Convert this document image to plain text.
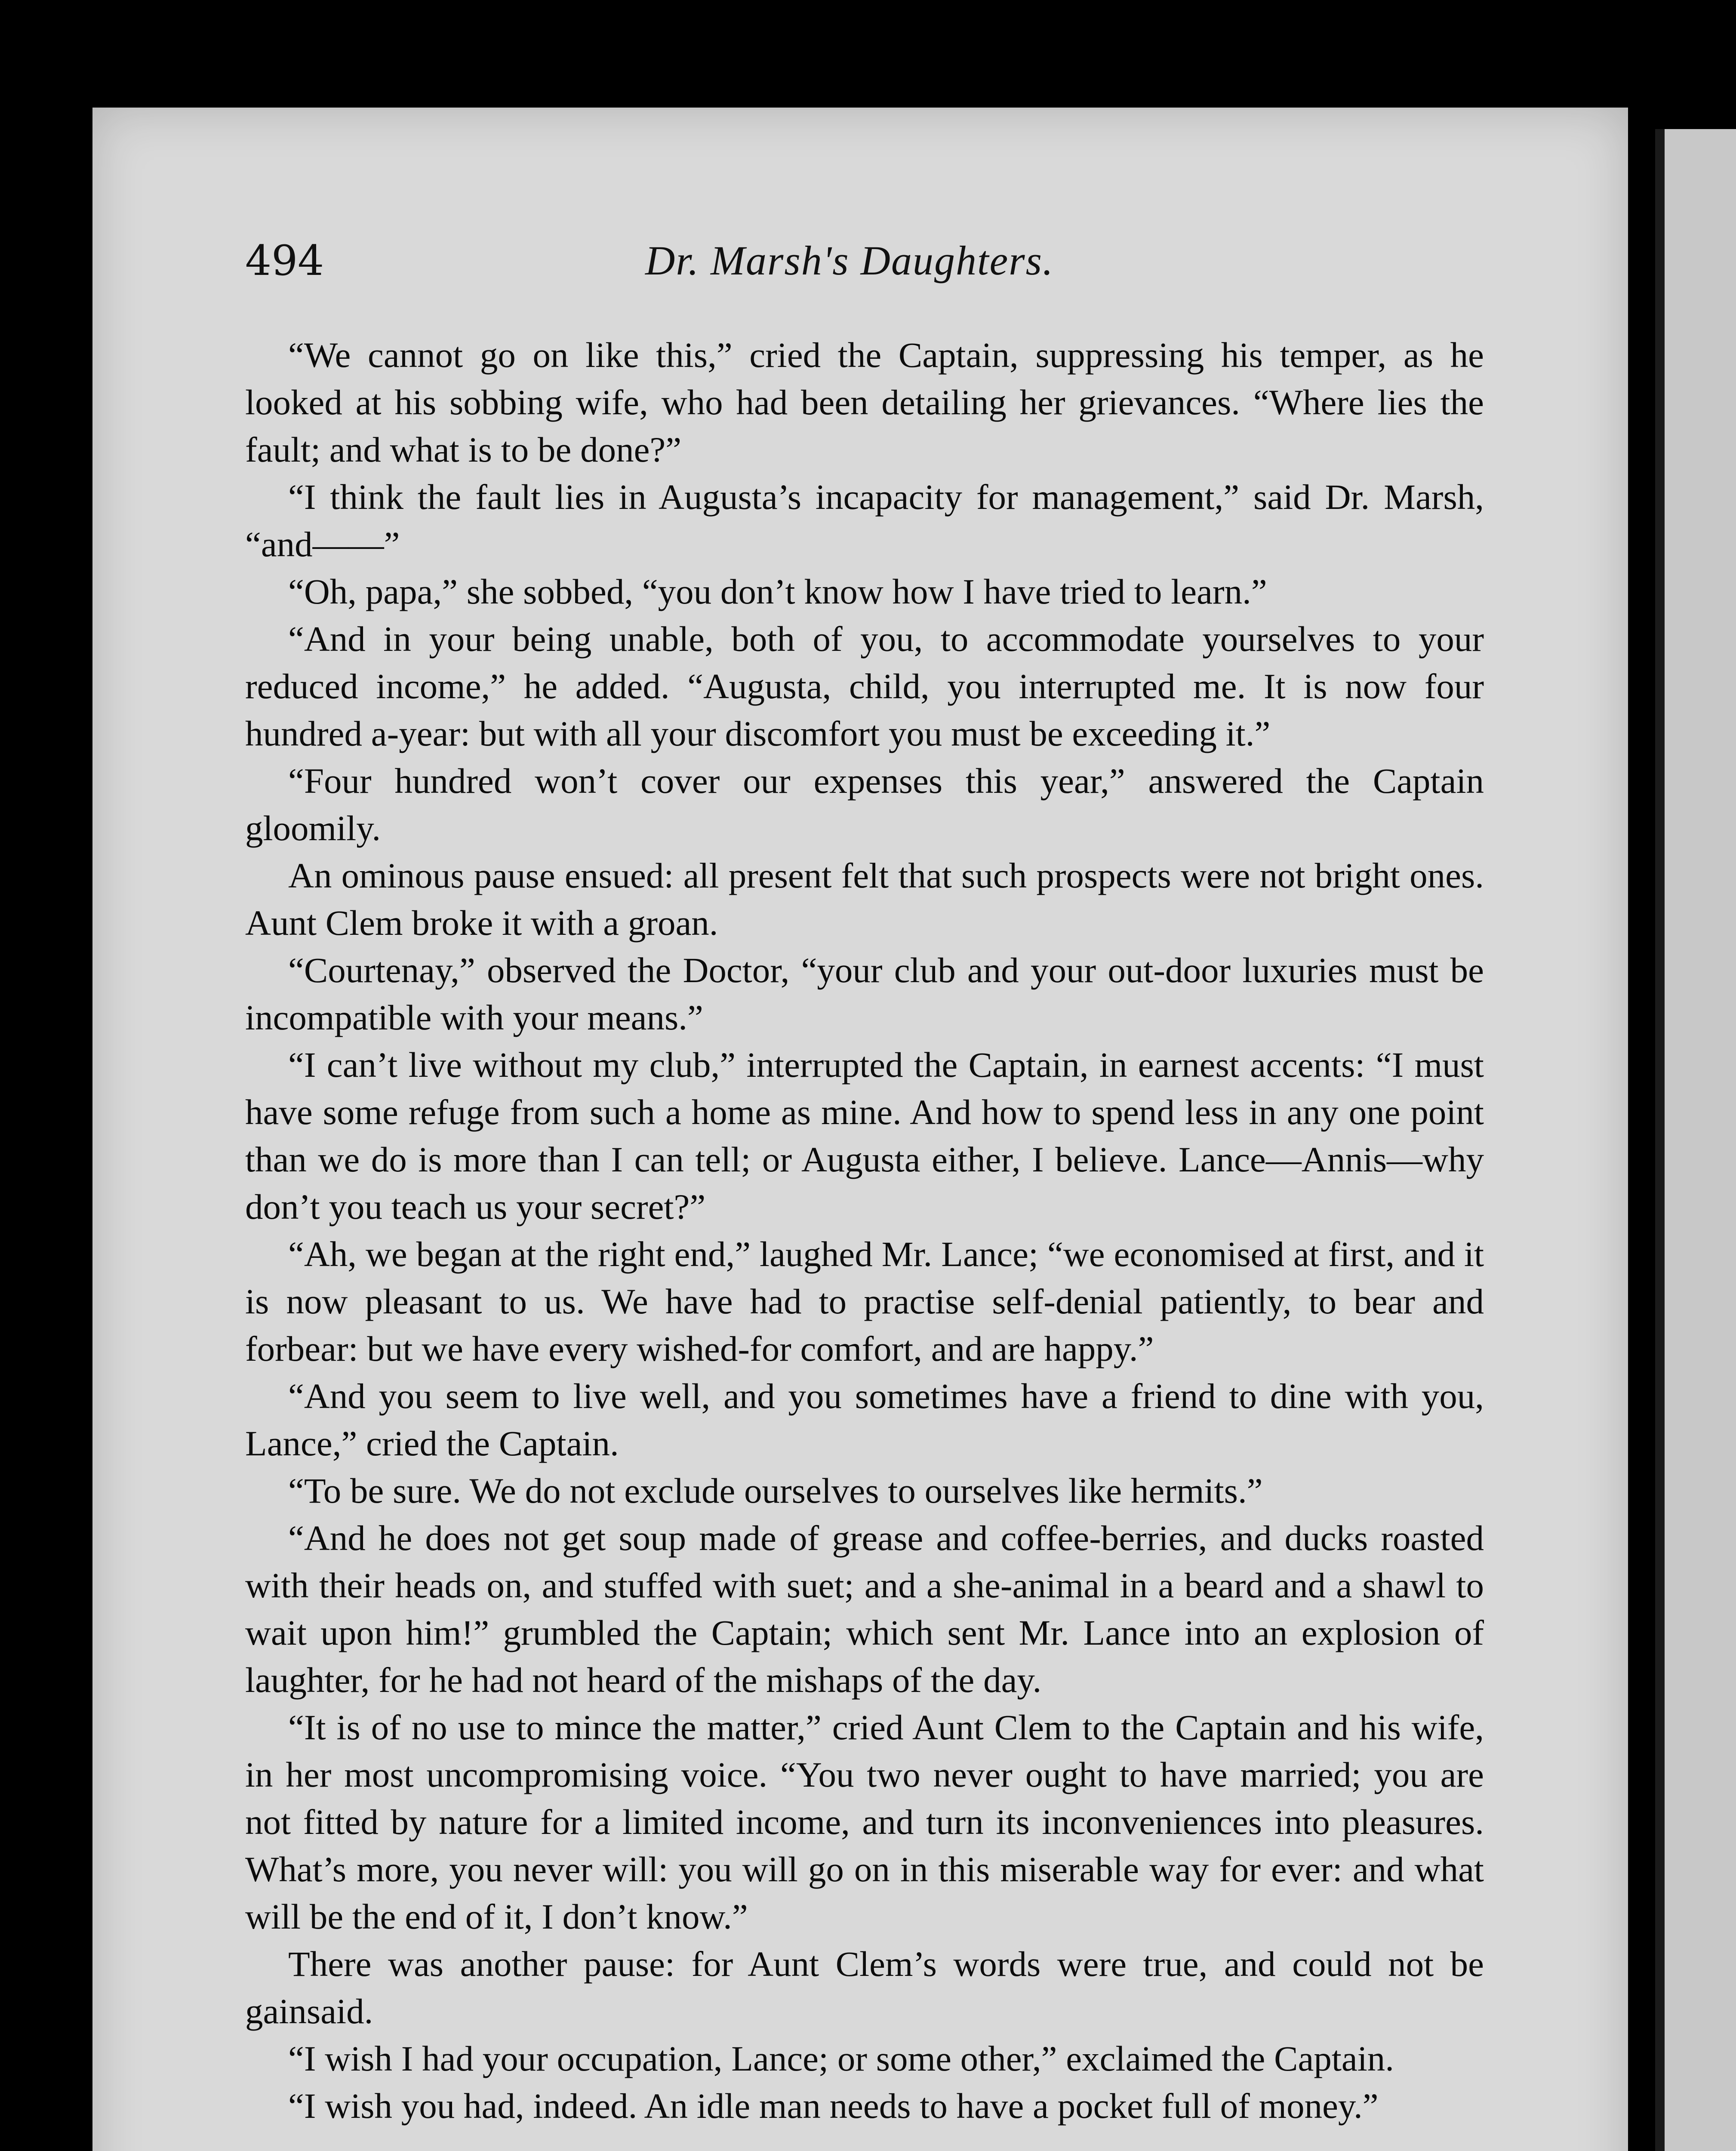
494	Dr. Marsh's Daughters.

“We cannot go on like this,” cried the Captain, suppressing his temper, as he looked at his sobbing wife, who had been detailing her grievances. “Where lies the fault; and what is to be done?”

“I think the fault lies in Augusta’s incapacity for management,” said Dr. Marsh, “and——”

“Oh, papa,” she sobbed, “you don’t know how I have tried to learn.”

“And in your being unable, both of you, to accommodate yourselves to your reduced income,” he added. “Augusta, child, you interrupted me. It is now four hundred a-year: but with all your discomfort you must be exceeding it.”

“Four hundred won’t cover our expenses this year,” answered the Captain gloomily.

An ominous pause ensued: all present felt that such prospects were not bright ones. Aunt Clem broke it with a groan.

“Courtenay,” observed the Doctor, “your club and your out-door luxuries must be incompatible with your means.”

“I can’t live without my club,” interrupted the Captain, in earnest accents: “I must have some refuge from such a home as mine. And how to spend less in any one point than we do is more than I can tell; or Augusta either, I believe. Lance—Annis—why don’t you teach us your secret?”

“Ah, we began at the right end,” laughed Mr. Lance; “we economised at first, and it is now pleasant to us. We have had to practise self-denial patiently, to bear and forbear: but we have every wished-for comfort, and are happy.”

“And you seem to live well, and you sometimes have a friend to dine with you, Lance,” cried the Captain.

“To be sure. We do not exclude ourselves to ourselves like hermits.”

“And he does not get soup made of grease and coffee-berries, and ducks roasted with their heads on, and stuffed with suet; and a she-animal in a beard and a shawl to wait upon him!” grumbled the Captain; which sent Mr. Lance into an explosion of laughter, for he had not heard of the mishaps of the day.

“It is of no use to mince the matter,” cried Aunt Clem to the Captain and his wife, in her most uncompromising voice. “You two never ought to have married; you are not fitted by nature for a limited income, and turn its inconveniences into pleasures. What’s more, you never will: you will go on in this miserable way for ever: and what will be the end of it, I don’t know.”

There was another pause: for Aunt Clem’s words were true, and could not be gainsaid.

“I wish I had your occupation, Lance; or some other,” exclaimed the Captain.

“I wish you had, indeed. An idle man needs to have a pocket full of money.”
